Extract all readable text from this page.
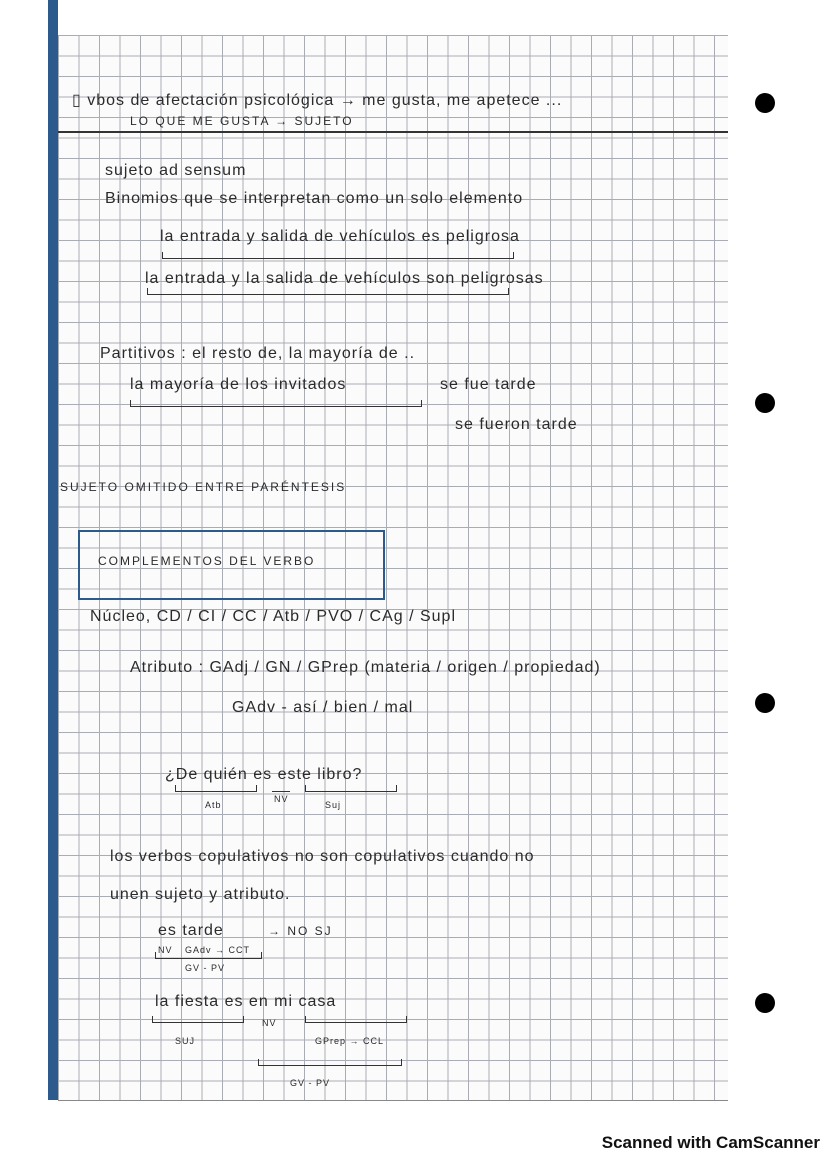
▯ vbos de afectación psicológica → me gusta, me apetece ...
LO QUE ME GUSTA → SUJETO
sujeto ad sensum
Binomios que se interpretan como un solo elemento
la entrada y salida de vehículos es peligrosa
la entrada y la salida de vehículos son peligrosas
Partitivos : el resto de, la mayoría de ..
la mayoría de los invitados	se fue tarde
se fueron tarde
SUJETO OMITIDO ENTRE PARÉNTESIS
COMPLEMENTOS DEL VERBO
Núcleo, CD / CI / CC / Atb / PVO / CAg / Supl
Atributo : GAdj / GN / GPrep (materia / origen / propiedad)
GAdv - así / bien / mal
¿De quién es este libro?
Atb
NV
Suj
los verbos copulativos no son copulativos cuando no
unen sujeto y atributo.
es tarde	→ NO SJ
NV GAdv → CCT
GV - PV
la fiesta es en mi casa
NV
SUJ	GPrep → CCL
GV - PV
Scanned with CamScanner
